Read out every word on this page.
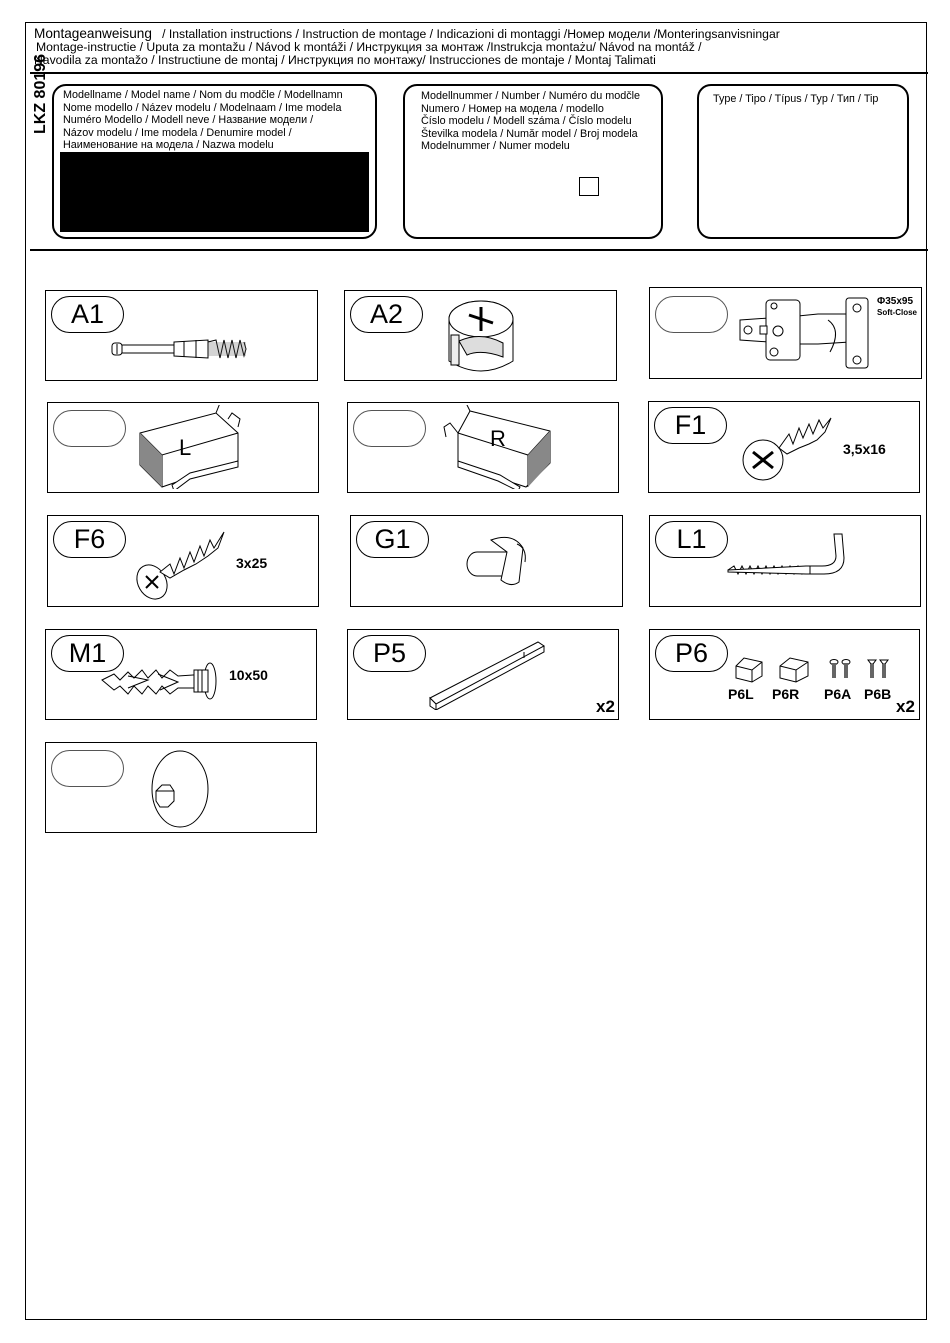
Montageanweisung / Installation instructions / Instruction de montage / Indicazioni di montaggi /Номер модели /Monteringsanvisningar
Montage-instructie / Uputa za montažu / Návod k montáži / Инструкция за монтаж /Instrukcja montażu/ Návod na montáž /
Navodila za montažo / Instructiune de montaj / Инструкция по монтажу/ Instrucciones de montaje / Montaj Talimati
LKZ 80196 Modellname / Model name / Nom du modčle / Modellnamn
Nome modello / Název modelu / Modelnaam / Ime modela
Numéro Modello / Modell neve / Название модели /
Názov modelu / Ime modela / Denumire model /
Наименование на модела / Nazwa modelu
Modellnummer / Number / Numéro du modčle
Numero / Номер на модела / modello
Číslo modelu / Modell száma / Číslo modelu
Številka modela / Număr model / Broj modela
Modelnummer / Numer modelu
Type / Tipo / Típus / Typ / Тип / Tip
A1	A2	Φ35x95
Soft-Close
L	R	F1
3,5x16
F6
3x25
G1	L1
M1
10x50
P5
x2
P6
P6L P6R P6A P6B
x2
